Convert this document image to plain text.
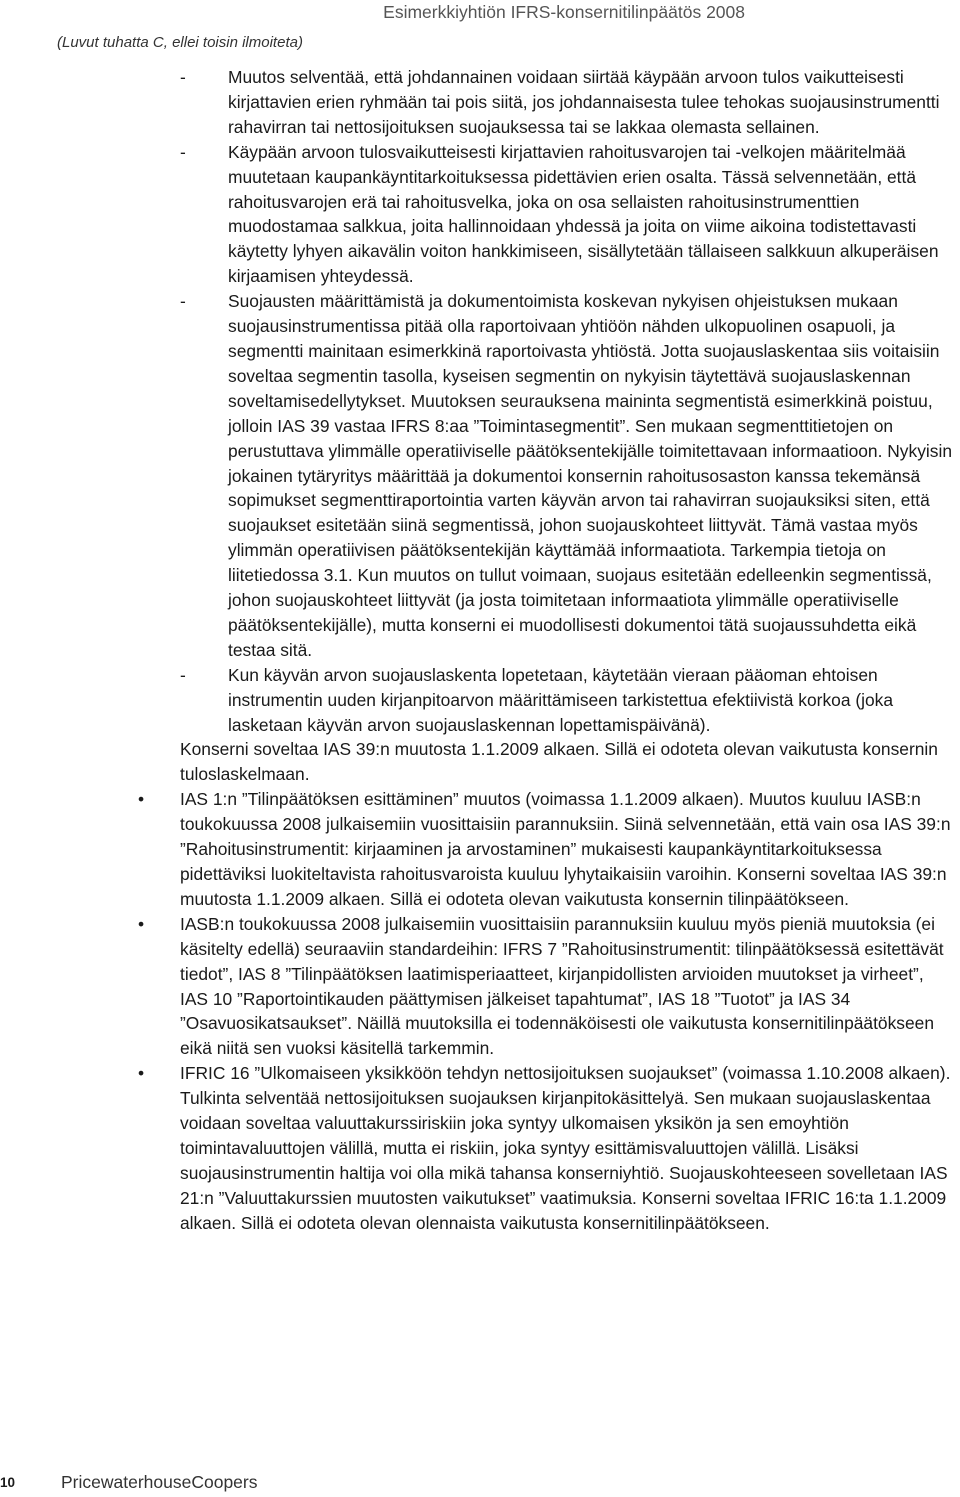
Esimerkkiyhtiön IFRS-konsernitilinpäätös 2008
(Luvut tuhatta C, ellei toisin ilmoiteta)
- Muutos selventää, että johdannainen voidaan siirtää käypään arvoon tulos vaikutteisesti kirjattavien erien ryhmään tai pois siitä, jos johdannaisesta tulee tehokas suojausinstrumentti rahavirran tai nettosijoituksen suojauksessa tai se lakkaa olemasta sellainen.
- Käypään arvoon tulosvaikutteisesti kirjattavien rahoitusvarojen tai -velkojen määritelmää muutetaan kaupankäyntitarkoituksessa pidettävien erien osalta. Tässä selvennetään, että rahoitusvarojen erä tai rahoitusvelka, joka on osa sellaisten rahoitusinstrumenttien muodostamaa salkkua, joita hallinnoidaan yhdessä ja joita on viime aikoina todistettavasti käytetty lyhyen aikavälin voiton hankkimiseen, sisällytetään tällaiseen salkkuun alkuperäisen kirjaamisen yhteydessä.
- Suojausten määrittämistä ja dokumentoimista koskevan nykyisen ohjeistuksen mukaan suojausinstrumentissa pitää olla raportoivaan yhtiöön nähden ulkopuolinen osapuoli, ja segmentti mainitaan esimerkkinä raportoivasta yhtiöstä. Jotta suojauslaskentaa siis voitaisiin soveltaa segmentin tasolla, kyseisen segmentin on nykyisin täytettävä suojauslaskennan soveltamisedellytykset. Muutoksen seurauksena maininta segmentistä esimerkkinä poistuu, jolloin IAS 39 vastaa IFRS 8:aa ”Toimintasegmentit”. Sen mukaan segmenttitietojen on perustuttava ylimmälle operatiiviselle päätöksentekijälle toimitettavaan informaatioon. Nykyisin jokainen tytäryritys määrittää ja dokumentoi konsernin rahoitusosaston kanssa tekemänsä sopimukset segmenttiraportointia varten käyvän arvon tai rahavirran suojauksiksi siten, että suojaukset esitetään siinä segmentissä, johon suojauskohteet liittyvät. Tämä vastaa myös ylimmän operatiivisen päätöksentekijän käyttämää informaatiota. Tarkempia tietoja on liitetiedossa 3.1. Kun muutos on tullut voimaan, suojaus esitetään edelleenkin segmentissä, johon suojauskohteet liittyvät (ja josta toimitetaan informaatiota ylimmälle operatiiviselle päätöksentekijälle), mutta konserni ei muodollisesti dokumentoi tätä suojaussuhdetta eikä testaa sitä.
- Kun käyvän arvon suojauslaskenta lopetetaan, käytetään vieraan pääoman ehtoisen instrumentin uuden kirjanpitoarvon määrittämiseen tarkistettua efektiivistä korkoa (joka lasketaan käyvän arvon suojauslaskennan lopettamispäivänä).

Konserni soveltaa IAS 39:n muutosta 1.1.2009 alkaen. Sillä ei odoteta olevan vaikutusta konsernin tuloslaskelmaan.

• IAS 1:n ”Tilinpäätöksen esittäminen” muutos (voimassa 1.1.2009 alkaen). Muutos kuuluu IASB:n toukokuussa 2008 julkaisemiin vuosittaisiin parannuksiin. Siinä selvennetään, että vain osa IAS 39:n ”Rahoitusinstrumentit: kirjaaminen ja arvostaminen” mukaisesti kaupankäyntitarkoituksessa pidettäviksi luokiteltavista rahoitusvaroista kuuluu lyhytaikaisiin varoihin. Konserni soveltaa IAS 39:n muutosta 1.1.2009 alkaen. Sillä ei odoteta olevan vaikutusta konsernin tilinpäätökseen.
• IASB:n toukokuussa 2008 julkaisemiin vuosittaisiin parannuksiin kuuluu myös pieniä muutoksia (ei käsitelty edellä) seuraaviin standardeihin: IFRS 7 ”Rahoitusinstrumentit: tilinpäätöksessä esitettävät tiedot”, IAS 8 ”Tilinpäätöksen laatimisperiaatteet, kirjanpidollisten arvioiden muutokset ja virheet”, IAS 10 ”Raportointikauden päättymisen jälkeiset tapahtumat”, IAS 18 ”Tuotot” ja IAS 34 ”Osavuosikatsaukset”. Näillä muutoksilla ei todennäköisesti ole vaikutusta konsernitilinpäätökseen eikä niitä sen vuoksi käsitellä tarkemmin.
• IFRIC 16 ”Ulkomaiseen yksikköön tehdyn nettosijoituksen suojaukset” (voimassa 1.10.2008 alkaen). Tulkinta selventää nettosijoituksen suojauksen kirjanpitokäsittelyä. Sen mukaan suojauslaskentaa voidaan soveltaa valuuttakurssiriskiin joka syntyy ulkomaisen yksikön ja sen emoyhtiön toimintavaluuttojen välillä, mutta ei riskiin, joka syntyy esittämisvaluuttojen välillä. Lisäksi suojausinstrumentin haltija voi olla mikä tahansa konserniyhtiö. Suojauskohteeseen sovelletaan IAS 21:n ”Valuuttakurssien muutosten vaikutukset” vaatimuksia. Konserni soveltaa IFRIC 16:ta 1.1.2009 alkaen. Sillä ei odoteta olevan olennaista vaikutusta konsernitilinpäätökseen.
10	PricewaterhouseCoopers
